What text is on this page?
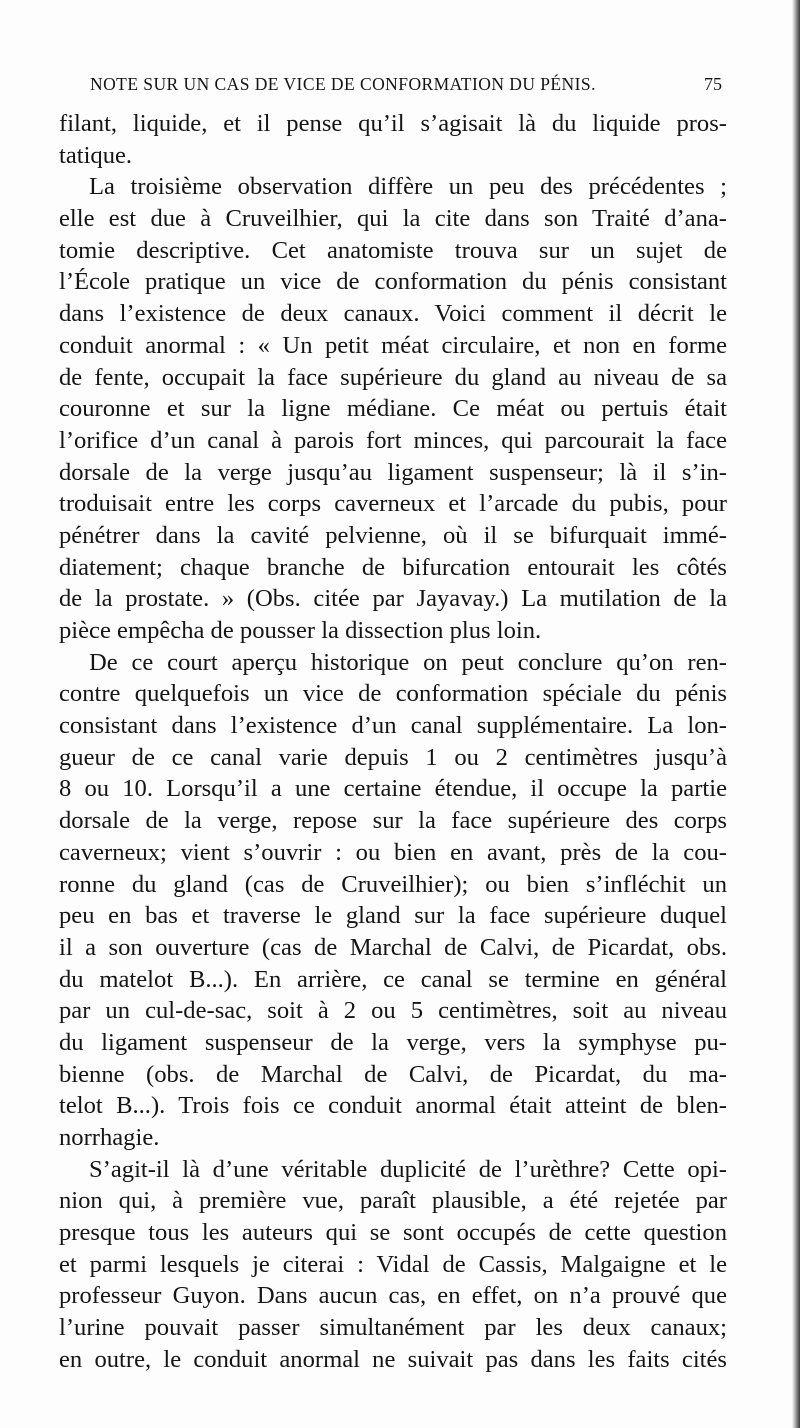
NOTE SUR UN CAS DE VICE DE CONFORMATION DU PÉNIS.	75
filant, liquide, et il pense qu’il s’agisait là du liquide pros-
tatique.
La troisième observation diffère un peu des précédentes ;
elle est due à Cruveilhier, qui la cite dans son Traité d’ana-
tomie descriptive. Cet anatomiste trouva sur un sujet de
l’École pratique un vice de conformation du pénis consistant
dans l’existence de deux canaux. Voici comment il décrit le
conduit anormal : « Un petit méat circulaire, et non en forme
de fente, occupait la face supérieure du gland au niveau de sa
couronne et sur la ligne médiane. Ce méat ou pertuis était
l’orifice d’un canal à parois fort minces, qui parcourait la face
dorsale de la verge jusqu’au ligament suspenseur; là il s’in-
troduisait entre les corps caverneux et l’arcade du pubis, pour
pénétrer dans la cavité pelvienne, où il se bifurquait immé-
diatement; chaque branche de bifurcation entourait les côtés
de la prostate. » (Obs. citée par Jayavay.) La mutilation de la
pièce empêcha de pousser la dissection plus loin.
De ce court aperçu historique on peut conclure qu’on ren-
contre quelquefois un vice de conformation spéciale du pénis
consistant dans l’existence d’un canal supplémentaire. La lon-
gueur de ce canal varie depuis 1 ou 2 centimètres jusqu’à
8 ou 10. Lorsqu’il a une certaine étendue, il occupe la partie
dorsale de la verge, repose sur la face supérieure des corps
caverneux; vient s’ouvrir : ou bien en avant, près de la cou-
ronne du gland (cas de Cruveilhier); ou bien s’infléchit un
peu en bas et traverse le gland sur la face supérieure duquel
il a son ouverture (cas de Marchal de Calvi, de Picardat, obs.
du matelot B...). En arrière, ce canal se termine en général
par un cul-de-sac, soit à 2 ou 5 centimètres, soit au niveau
du ligament suspenseur de la verge, vers la symphyse pu-
bienne (obs. de Marchal de Calvi, de Picardat, du ma-
telot B...). Trois fois ce conduit anormal était atteint de blen-
norrhagie.
S’agit-il là d’une véritable duplicité de l’urèthre? Cette opi-
nion qui, à première vue, paraît plausible, a été rejetée par
presque tous les auteurs qui se sont occupés de cette question
et parmi lesquels je citerai : Vidal de Cassis, Malgaigne et le
professeur Guyon. Dans aucun cas, en effet, on n’a prouvé que
l’urine pouvait passer simultanément par les deux canaux;
en outre, le conduit anormal ne suivait pas dans les faits cités
